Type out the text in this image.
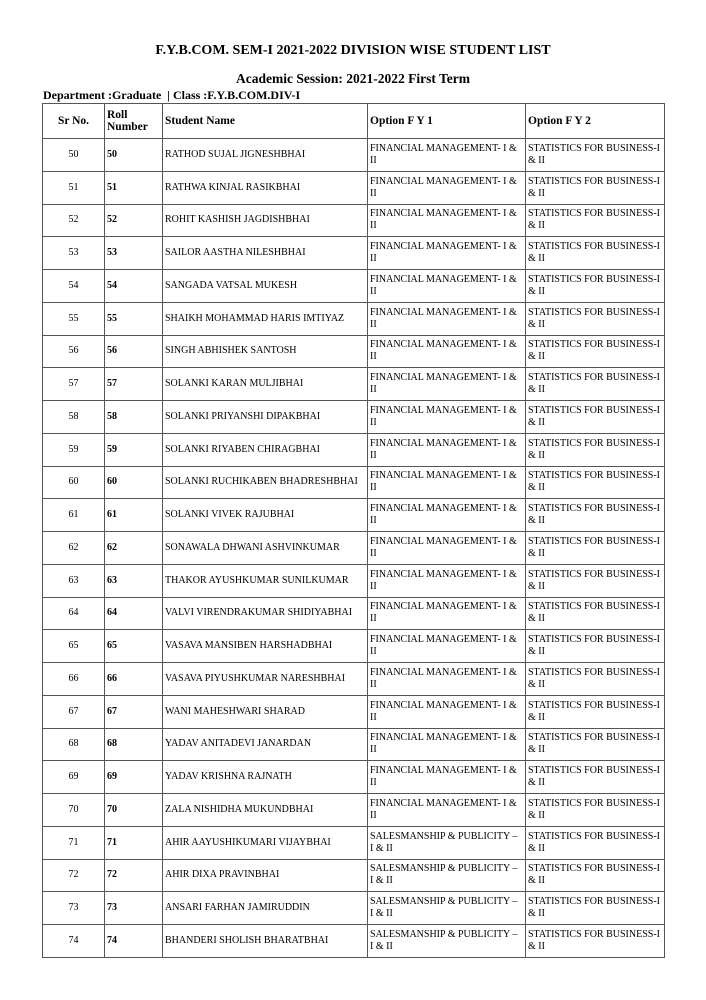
F.Y.B.COM. SEM-I 2021-2022 DIVISION WISE STUDENT LIST
Academic Session: 2021-2022 First Term
Department :Graduate  | Class :F.Y.B.COM.DIV-I
Sr No.	Roll Number	Student Name	Option F Y 1	Option F Y 2
50	50	RATHOD SUJAL JIGNESHBHAI	FINANCIAL MANAGEMENT- I & II	STATISTICS FOR BUSINESS-I & II
51	51	RATHWA KINJAL RASIKBHAI	FINANCIAL MANAGEMENT- I & II	STATISTICS FOR BUSINESS-I & II
52	52	ROHIT KASHISH JAGDISHBHAI	FINANCIAL MANAGEMENT- I & II	STATISTICS FOR BUSINESS-I & II
53	53	SAILOR AASTHA NILESHBHAI	FINANCIAL MANAGEMENT- I & II	STATISTICS FOR BUSINESS-I & II
54	54	SANGADA VATSAL MUKESH	FINANCIAL MANAGEMENT- I & II	STATISTICS FOR BUSINESS-I & II
55	55	SHAIKH MOHAMMAD HARIS IMTIYAZ	FINANCIAL MANAGEMENT- I & II	STATISTICS FOR BUSINESS-I & II
56	56	SINGH ABHISHEK SANTOSH	FINANCIAL MANAGEMENT- I & II	STATISTICS FOR BUSINESS-I & II
57	57	SOLANKI KARAN MULJIBHAI	FINANCIAL MANAGEMENT- I & II	STATISTICS FOR BUSINESS-I & II
58	58	SOLANKI PRIYANSHI DIPAKBHAI	FINANCIAL MANAGEMENT- I & II	STATISTICS FOR BUSINESS-I & II
59	59	SOLANKI RIYABEN CHIRAGBHAI	FINANCIAL MANAGEMENT- I & II	STATISTICS FOR BUSINESS-I & II
60	60	SOLANKI RUCHIKABEN BHADRESHBHAI	FINANCIAL MANAGEMENT- I & II	STATISTICS FOR BUSINESS-I & II
61	61	SOLANKI VIVEK RAJUBHAI	FINANCIAL MANAGEMENT- I & II	STATISTICS FOR BUSINESS-I & II
62	62	SONAWALA DHWANI ASHVINKUMAR	FINANCIAL MANAGEMENT- I & II	STATISTICS FOR BUSINESS-I & II
63	63	THAKOR AYUSHKUMAR SUNILKUMAR	FINANCIAL MANAGEMENT- I & II	STATISTICS FOR BUSINESS-I & II
64	64	VALVI VIRENDRAKUMAR SHIDIYABHAI	FINANCIAL MANAGEMENT- I & II	STATISTICS FOR BUSINESS-I & II
65	65	VASAVA MANSIBEN HARSHADBHAI	FINANCIAL MANAGEMENT- I & II	STATISTICS FOR BUSINESS-I & II
66	66	VASAVA PIYUSHKUMAR NARESHBHAI	FINANCIAL MANAGEMENT- I & II	STATISTICS FOR BUSINESS-I & II
67	67	WANI MAHESHWARI SHARAD	FINANCIAL MANAGEMENT- I & II	STATISTICS FOR BUSINESS-I & II
68	68	YADAV ANITADEVI JANARDAN	FINANCIAL MANAGEMENT- I & II	STATISTICS FOR BUSINESS-I & II
69	69	YADAV KRISHNA RAJNATH	FINANCIAL MANAGEMENT- I & II	STATISTICS FOR BUSINESS-I & II
70	70	ZALA NISHIDHA MUKUNDBHAI	FINANCIAL MANAGEMENT- I & II	STATISTICS FOR BUSINESS-I & II
71	71	AHIR AAYUSHIKUMARI VIJAYBHAI	SALESMANSHIP & PUBLICITY – I & II	STATISTICS FOR BUSINESS-I & II
72	72	AHIR DIXA PRAVINBHAI	SALESMANSHIP & PUBLICITY – I & II	STATISTICS FOR BUSINESS-I & II
73	73	ANSARI FARHAN JAMIRUDDIN	SALESMANSHIP & PUBLICITY – I & II	STATISTICS FOR BUSINESS-I & II
74	74	BHANDERI SHOLISH BHARATBHAI	SALESMANSHIP & PUBLICITY – I & II	STATISTICS FOR BUSINESS-I & II
